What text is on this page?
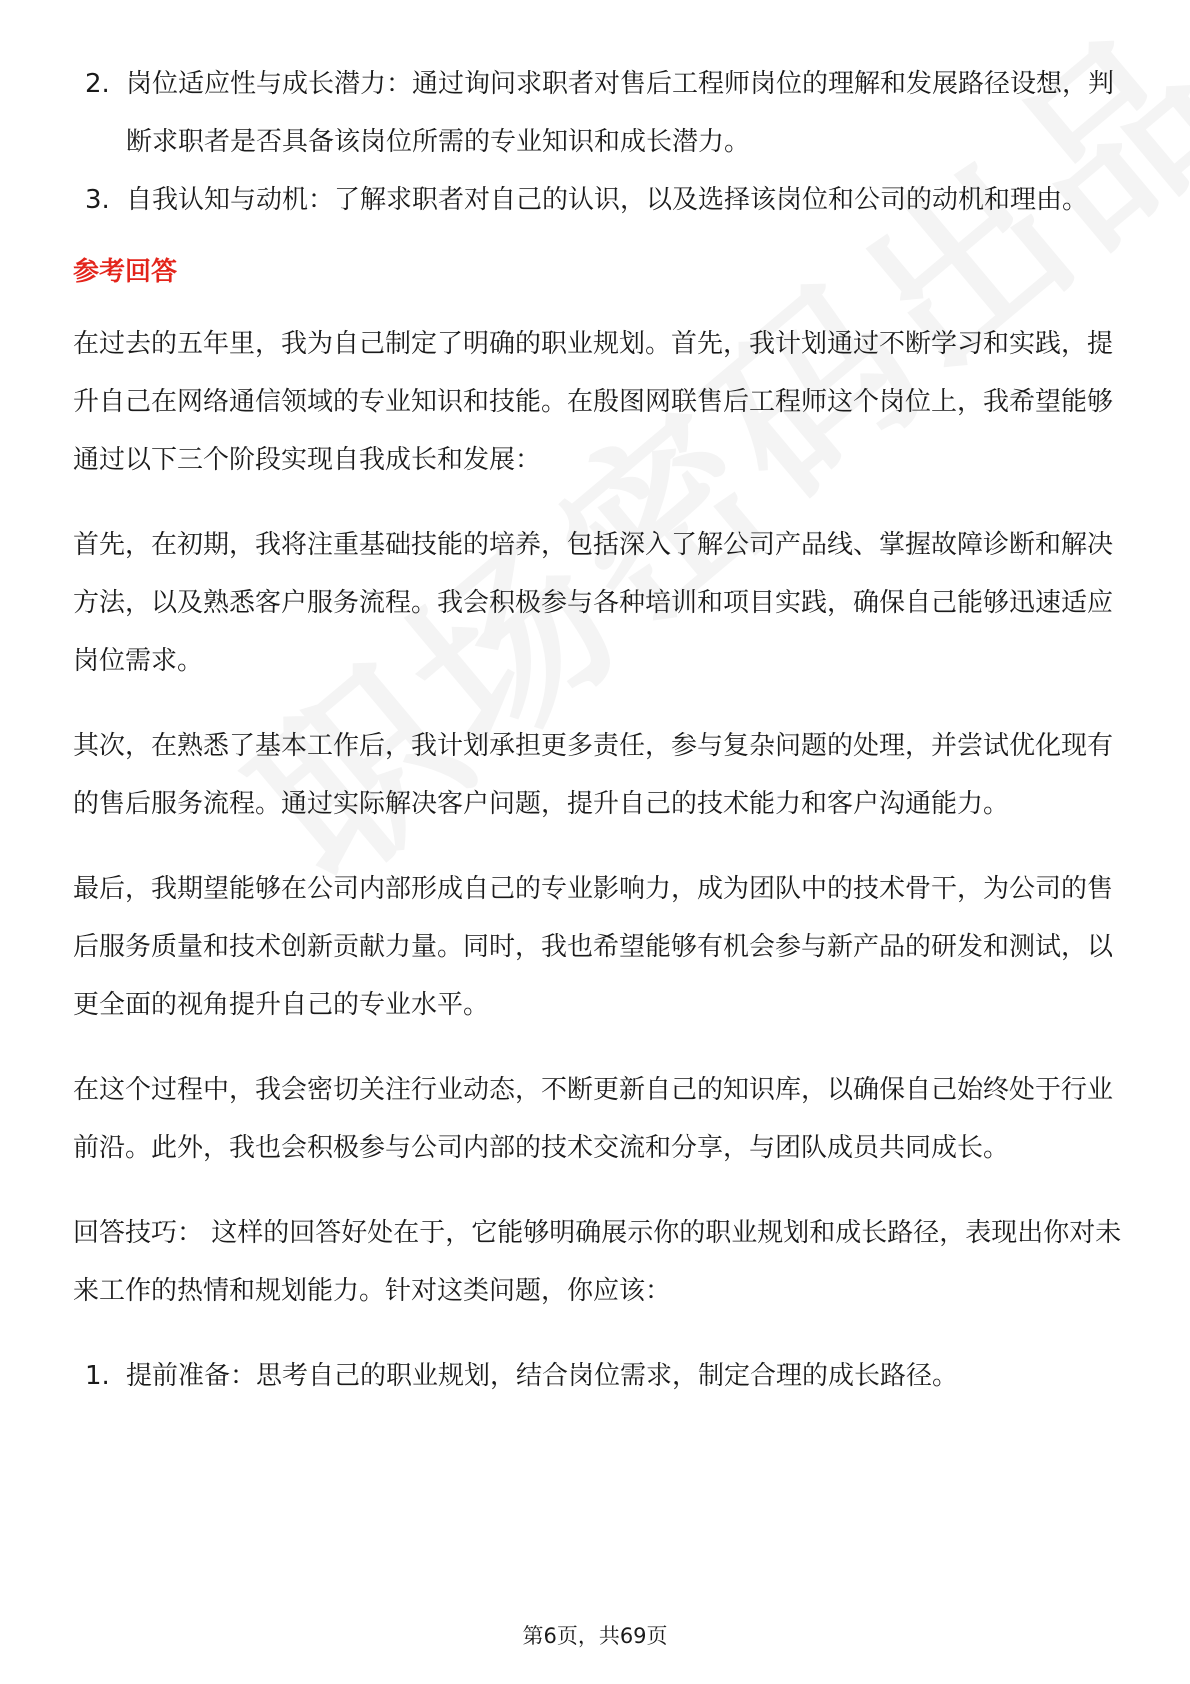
2. 岗位适应性与成长潜力：通过询问求职者对售后工程师岗位的理解和发展路径设想，判断求职者是否具备该岗位所需的专业知识和成长潜力。
3. 自我认知与动机：了解求职者对自己的认识，以及选择该岗位和公司的动机和理由。
参考回答

在过去的五年里，我为自己制定了明确的职业规划。首先，我计划通过不断学习和实践，提升自己在网络通信领域的专业知识和技能。在殷图网联售后工程师这个岗位上，我希望能够通过以下三个阶段实现自我成长和发展：

首先，在初期，我将注重基础技能的培养，包括深入了解公司产品线、掌握故障诊断和解决方法，以及熟悉客户服务流程。我会积极参与各种培训和项目实践，确保自己能够迅速适应岗位需求。

其次，在熟悉了基本工作后，我计划承担更多责任，参与复杂问题的处理，并尝试优化现有的售后服务流程。通过实际解决客户问题，提升自己的技术能力和客户沟通能力。

最后，我期望能够在公司内部形成自己的专业影响力，成为团队中的技术骨干，为公司的售后服务质量和技术创新贡献力量。同时，我也希望能够有机会参与新产品的研发和测试，以更全面的视角提升自己的专业水平。

在这个过程中，我会密切关注行业动态，不断更新自己的知识库，以确保自己始终处于行业前沿。此外，我也会积极参与公司内部的技术交流和分享，与团队成员共同成长。

回答技巧： 这样的回答好处在于，它能够明确展示你的职业规划和成长路径，表现出你对未来工作的热情和规划能力。针对这类问题，你应该：

1. 提前准备：思考自己的职业规划，结合岗位需求，制定合理的成长路径。
第6页，共69页
